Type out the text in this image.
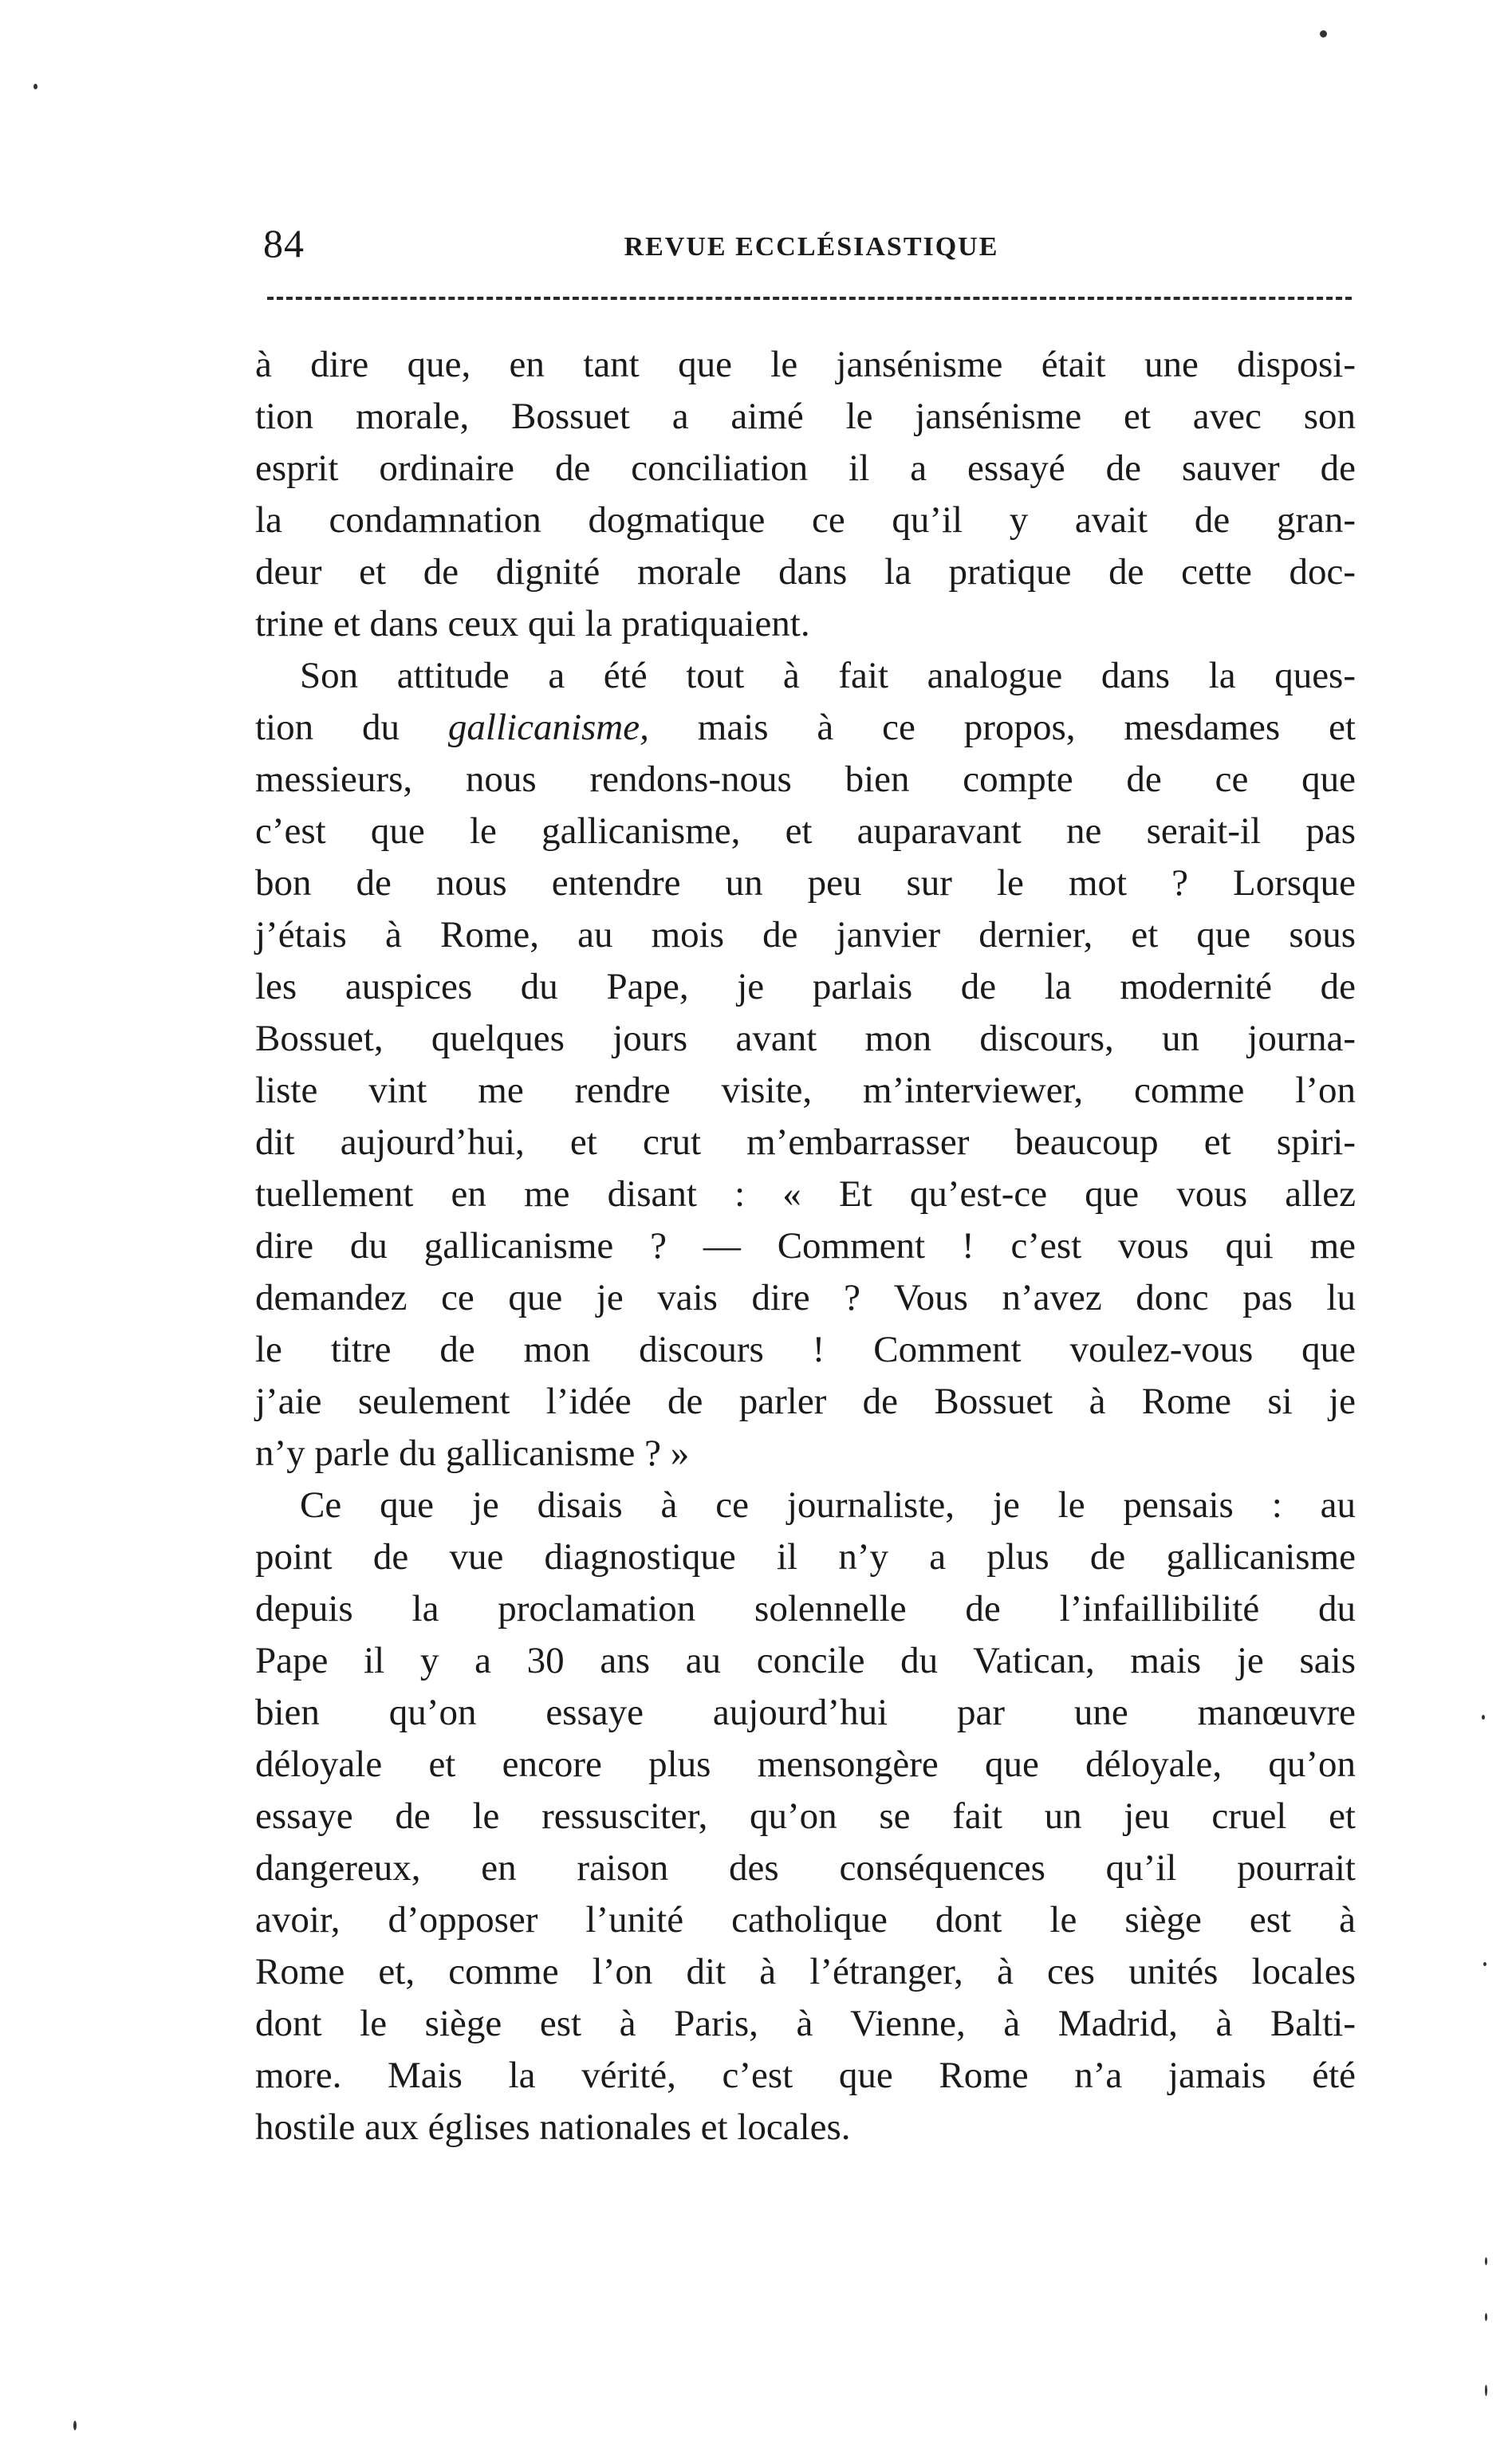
84	REVUE ECCLÉSIASTIQUE
à dire que, en tant que le jansénisme était une disposi-
tion morale, Bossuet a aimé le jansénisme et avec son
esprit ordinaire de conciliation il a essayé de sauver de
la condamnation dogmatique ce qu’il y avait de gran-
deur et de dignité morale dans la pratique de cette doc-
trine et dans ceux qui la pratiquaient.
Son attitude a été tout à fait analogue dans la ques-
tion du gallicanisme, mais à ce propos, mesdames et
messieurs, nous rendons-nous bien compte de ce que
c’est que le gallicanisme, et auparavant ne serait-il pas
bon de nous entendre un peu sur le mot ? Lorsque
j’étais à Rome, au mois de janvier dernier, et que sous
les auspices du Pape, je parlais de la modernité de
Bossuet, quelques jours avant mon discours, un journa-
liste vint me rendre visite, m’interviewer, comme l’on
dit aujourd’hui, et crut m’embarrasser beaucoup et spiri-
tuellement en me disant : « Et qu’est-ce que vous allez
dire du gallicanisme ? — Comment ! c’est vous qui me
demandez ce que je vais dire ? Vous n’avez donc pas lu
le titre de mon discours ! Comment voulez-vous que
j’aie seulement l’idée de parler de Bossuet à Rome si je
n’y parle du gallicanisme ? »
Ce que je disais à ce journaliste, je le pensais : au
point de vue diagnostique il n’y a plus de gallicanisme
depuis la proclamation solennelle de l’infaillibilité du
Pape il y a 30 ans au concile du Vatican, mais je sais
bien qu’on essaye aujourd’hui par une manœuvre
déloyale et encore plus mensongère que déloyale, qu’on
essaye de le ressusciter, qu’on se fait un jeu cruel et
dangereux, en raison des conséquences qu’il pourrait
avoir, d’opposer l’unité catholique dont le siège est à
Rome et, comme l’on dit à l’étranger, à ces unités locales
dont le siège est à Paris, à Vienne, à Madrid, à Balti-
more. Mais la vérité, c’est que Rome n’a jamais été
hostile aux églises nationales et locales.
